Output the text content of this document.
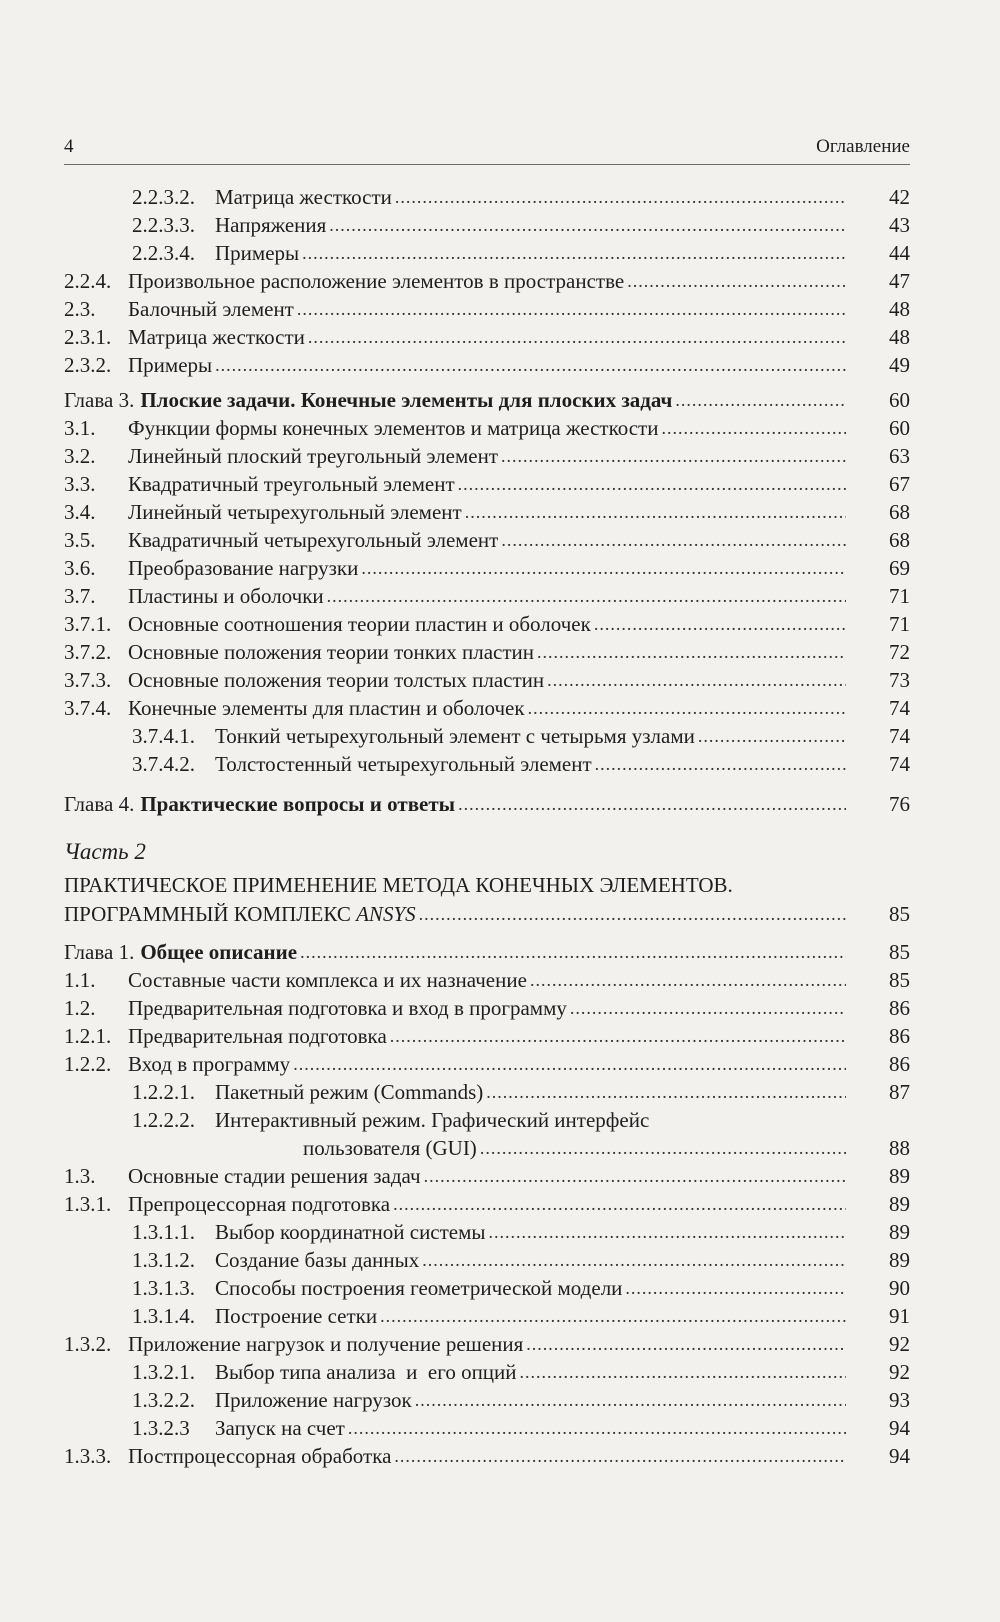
4	Оглавление
2.2.3.2. Матрица жесткости .....	42
2.2.3.3. Напряжения .....	43
2.2.3.4. Примеры .....	44
2.2.4. Произвольное расположение элементов в пространстве .....	47
2.3.	Балочный элемент .....	48
2.3.1. Матрица жесткости .....	48
2.3.2. Примеры .....	49
Глава 3. Плоские задачи. Конечные элементы для плоских задач .....	60
3.1.	Функции формы конечных элементов и матрица жесткости .....	60
3.2.	Линейный плоский треугольный элемент .....	63
3.3.	Квадратичный треугольный элемент .....	67
3.4.	Линейный четырехугольный элемент .....	68
3.5.	Квадратичный четырехугольный элемент .....	68
3.6.	Преобразование нагрузки .....	69
3.7.	Пластины и оболочки .....	71
3.7.1. Основные соотношения теории пластин и оболочек .....	71
3.7.2. Основные положения теории тонких пластин .....	72
3.7.3. Основные положения теории толстых пластин .....	73
3.7.4. Конечные элементы для пластин и оболочек .....	74
3.7.4.1. Тонкий четырехугольный элемент с четырьмя узлами .....	74
3.7.4.2. Толстостенный четырехугольный элемент .....	74
Глава 4. Практические вопросы и ответы .....	76
Часть 2
ПРАКТИЧЕСКОЕ ПРИМЕНЕНИЕ МЕТОДА КОНЕЧНЫХ ЭЛЕМЕНТОВ.
ПРОГРАММНЫЙ КОМПЛЕКС ANSYS .....	85
Глава 1. Общее описание .....	85
1.1.	Составные части комплекса и их назначение .....	85
1.2.	Предварительная подготовка и вход в программу .....	86
1.2.1. Предварительная подготовка .....	86
1.2.2. Вход в программу .....	86
1.2.2.1. Пакетный режим (Commands) .....	87
1.2.2.2. Интерактивный режим. Графический интерфейс
пользователя (GUI) .....	88
1.3.	Основные стадии решения задач .....	89
1.3.1. Препроцессорная подготовка .....	89
1.3.1.1. Выбор координатной системы .....	89
1.3.1.2. Создание базы данных .....	89
1.3.1.3. Способы построения геометрической модели .....	90
1.3.1.4. Построение сетки .....	91
1.3.2. Приложение нагрузок и получение решения .....	92
1.3.2.1. Выбор типа анализа  и  его опций .....	92
1.3.2.2. Приложение нагрузок .....	93
1.3.2.3	Запуск на счет .....	94
1.3.3. Постпроцессорная обработка .....	94
